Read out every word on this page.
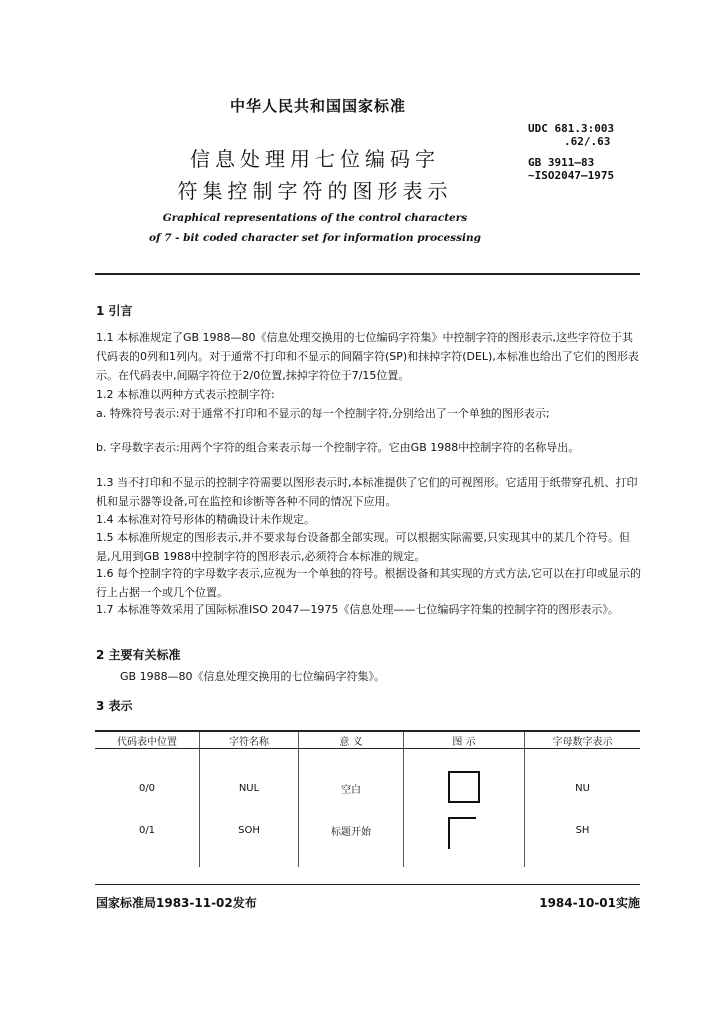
中华人民共和国国家标准
信息处理用七位编码字
符集控制字符的图形表示
Graphical representations of the control characters
of 7 - bit coded character set for information processing
UDC 681.3:003
.62/.63
GB 3911—83
~ISO2047—1975
1 引言
1.1 本标准规定了GB 1988—80《信息处理交换用的七位编码字符集》中控制字符的图形表示,这些字符位于其代码表的0列和1列内。对于通常不打印和不显示的间隔字符(SP)和抹掉字符(DEL),本标准也给出了它们的图形表示。在代码表中,间隔字符位于2/0位置,抹掉字符位于7/15位置。
1.2 本标准以两种方式表示控制字符:
a. 特殊符号表示:对于通常不打印和不显示的每一个控制字符,分别给出了一个单独的图形表示;
b. 字母数字表示:用两个字符的组合来表示每一个控制字符。它由GB 1988中控制字符的名称导出。
1.3 当不打印和不显示的控制字符需要以图形表示时,本标准提供了它们的可视图形。它适用于纸带穿孔机、打印机和显示器等设备,可在监控和诊断等各种不同的情况下应用。
1.4 本标准对符号形体的精确设计未作规定。
1.5 本标准所规定的图形表示,并不要求每台设备都全部实现。可以根据实际需要,只实现其中的某几个符号。但是,凡用到GB 1988中控制字符的图形表示,必须符合本标准的规定。
1.6 每个控制字符的字母数字表示,应视为一个单独的符号。根据设备和其实现的方式方法,它可以在打印或显示的行上占据一个或几个位置。
1.7 本标准等效采用了国际标准ISO 2047—1975《信息处理——七位编码字符集的控制字符的图形表示》。
2 主要有关标准
GB 1988—80《信息处理交换用的七位编码字符集》。
3 表示
代码表中位置	字符名称	意 义	图 示	字母数字表示

0/0	NUL	空白		NU
0/1	SOH	标题开始		SH

国家标准局1983-11-02发布	1984-10-01实施
